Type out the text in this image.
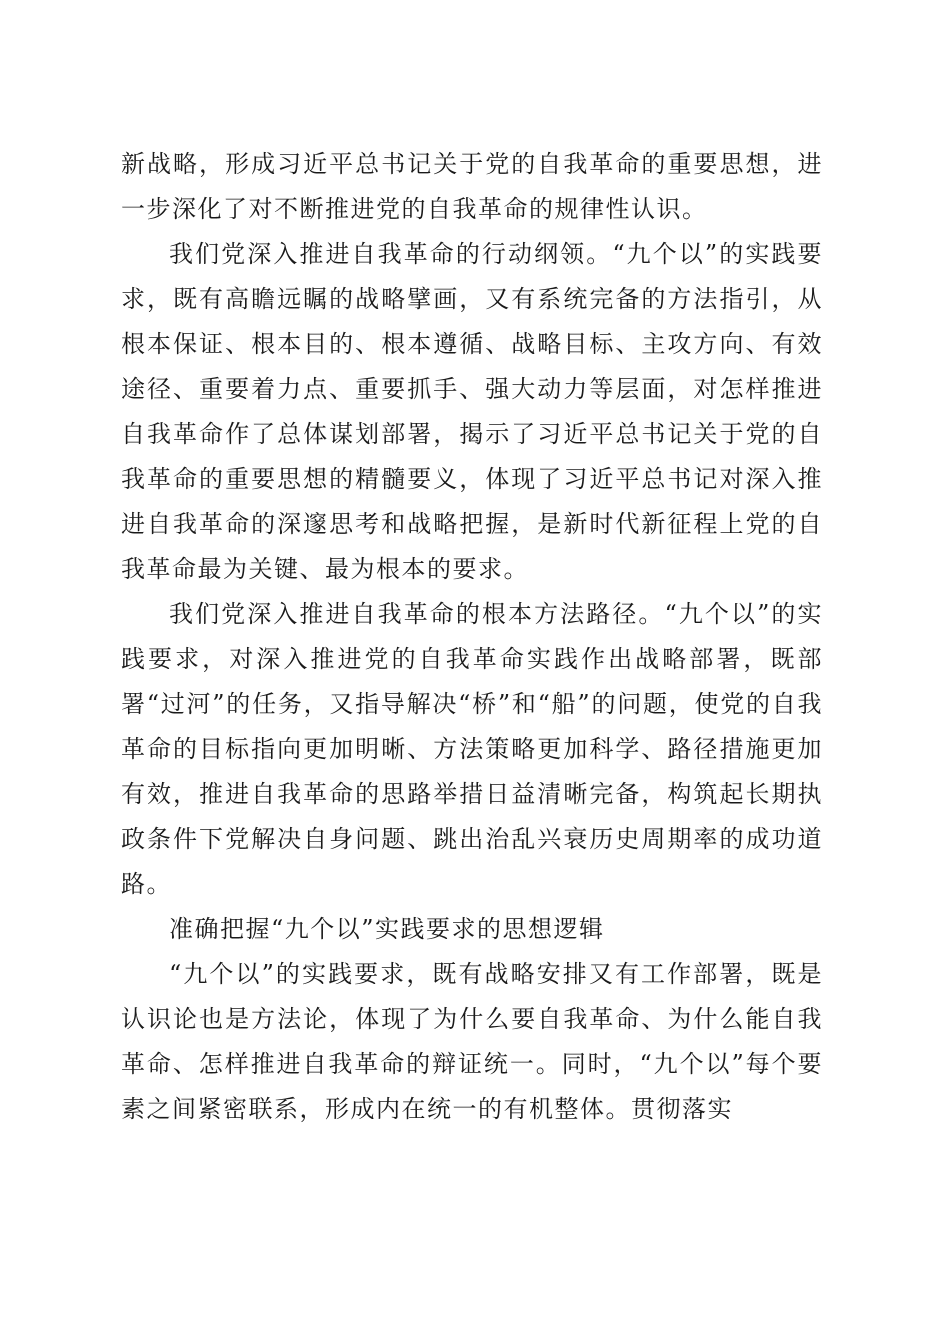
新战略，形成习近平总书记关于党的自我革命的重要思想，进一步深化了对不断推进党的自我革命的规律性认识。

我们党深入推进自我革命的行动纲领。“九个以”的实践要求，既有高瞻远瞩的战略擘画，又有系统完备的方法指引，从根本保证、根本目的、根本遵循、战略目标、主攻方向、有效途径、重要着力点、重要抓手、强大动力等层面，对怎样推进自我革命作了总体谋划部署，揭示了习近平总书记关于党的自我革命的重要思想的精髓要义，体现了习近平总书记对深入推进自我革命的深邃思考和战略把握，是新时代新征程上党的自我革命最为关键、最为根本的要求。

我们党深入推进自我革命的根本方法路径。“九个以”的实践要求，对深入推进党的自我革命实践作出战略部署，既部署“过河”的任务，又指导解决“桥”和“船”的问题，使党的自我革命的目标指向更加明晰、方法策略更加科学、路径措施更加有效，推进自我革命的思路举措日益清晰完备，构筑起长期执政条件下党解决自身问题、跳出治乱兴衰历史周期率的成功道路。

准确把握“九个以”实践要求的思想逻辑

“九个以”的实践要求，既有战略安排又有工作部署，既是认识论也是方法论，体现了为什么要自我革命、为什么能自我革命、怎样推进自我革命的辩证统一。同时，“九个以”每个要素之间紧密联系，形成内在统一的有机整体。贯彻落实
